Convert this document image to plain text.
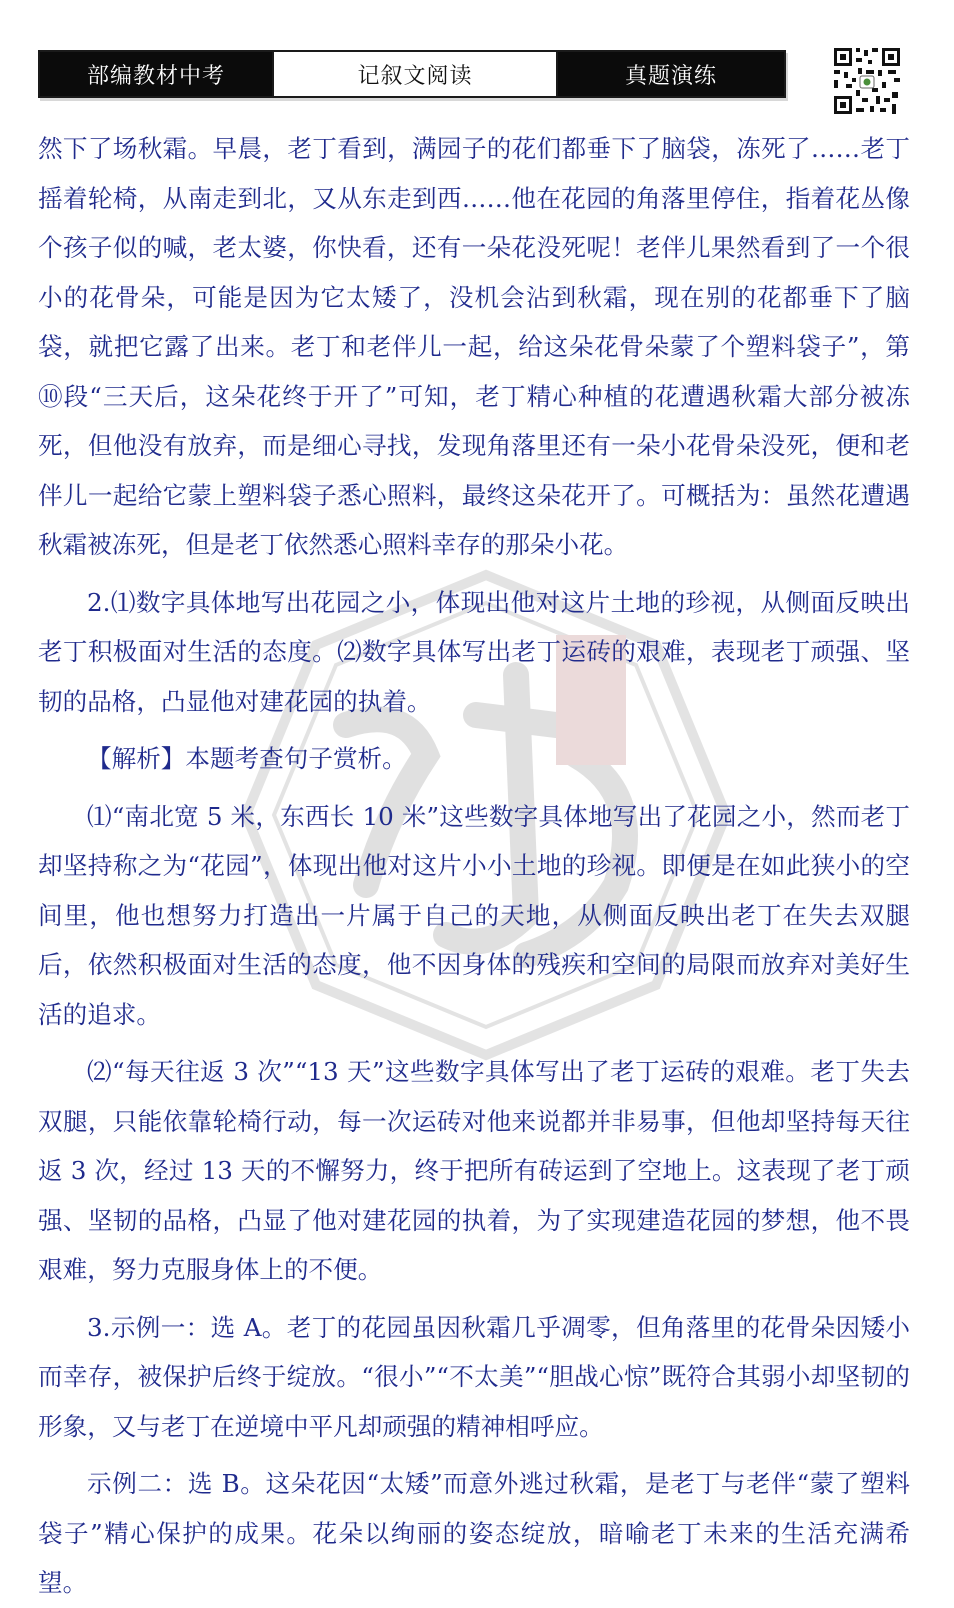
部编教材中考	记叙文阅读	真题演练

然下了场秋霜。早晨，老丁看到，满园子的花们都垂下了脑袋，冻死了……老丁摇着轮椅，从南走到北，又从东走到西……他在花园的角落里停住，指着花丛像个孩子似的喊，老太婆，你快看，还有一朵花没死呢！老伴儿果然看到了一个很小的花骨朵，可能是因为它太矮了，没机会沾到秋霜，现在别的花都垂下了脑袋，就把它露了出来。老丁和老伴儿一起，给这朵花骨朵蒙了个塑料袋子”，第⑩段“三天后，这朵花终于开了”可知，老丁精心种植的花遭遇秋霜大部分被冻死，但他没有放弃，而是细心寻找，发现角落里还有一朵小花骨朵没死，便和老伴儿一起给它蒙上塑料袋子悉心照料，最终这朵花开了。可概括为：虽然花遭遇秋霜被冻死，但是老丁依然悉心照料幸存的那朵小花。

2.⑴数字具体地写出花园之小，体现出他对这片土地的珍视，从侧面反映出老丁积极面对生活的态度。⑵数字具体写出老丁运砖的艰难，表现老丁顽强、坚韧的品格，凸显他对建花园的执着。

【解析】本题考查句子赏析。

⑴“南北宽 5 米，东西长 10 米”这些数字具体地写出了花园之小，然而老丁却坚持称之为“花园”，体现出他对这片小小土地的珍视。即便是在如此狭小的空间里，他也想努力打造出一片属于自己的天地，从侧面反映出老丁在失去双腿后，依然积极面对生活的态度，他不因身体的残疾和空间的局限而放弃对美好生活的追求。

⑵“每天往返 3 次”“13 天”这些数字具体写出了老丁运砖的艰难。老丁失去双腿，只能依靠轮椅行动，每一次运砖对他来说都并非易事，但他却坚持每天往返 3 次，经过 13 天的不懈努力，终于把所有砖运到了空地上。这表现了老丁顽强、坚韧的品格，凸显了他对建花园的执着，为了实现建造花园的梦想，他不畏艰难，努力克服身体上的不便。

3.示例一：选 A。老丁的花园虽因秋霜几乎凋零，但角落里的花骨朵因矮小而幸存，被保护后终于绽放。“很小”“不太美”“胆战心惊”既符合其弱小却坚韧的形象，又与老丁在逆境中平凡却顽强的精神相呼应。

示例二：选 B。这朵花因“太矮”而意外逃过秋霜，是老丁与老伴“蒙了塑料袋子”精心保护的成果。花朵以绚丽的姿态绽放，暗喻老丁未来的生活充满希望。
